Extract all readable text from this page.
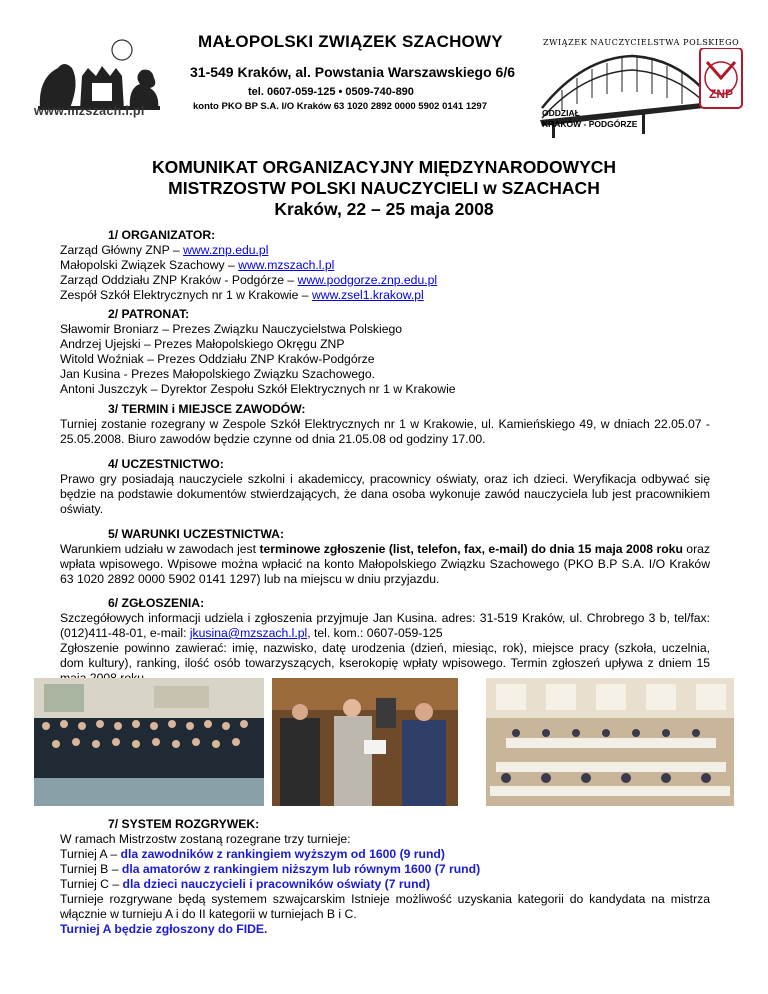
www.mzszach.l.pl
MAŁOPOLSKI ZWIĄZEK SZACHOWY
31-549 Kraków, al. Powstania Warszawskiego 6/6
tel. 0607-059-125 • 0509-740-890
konto PKO BP S.A. I/O Kraków 63 1020 2892 0000 5902 0141 1297
ZWIĄZEK NAUCZYCIELSTWA POLSKIEGO
ZNP
ODDZIAŁ
KRAKÓW - PODGÓRZE
KOMUNIKAT ORGANIZACYJNY MIĘDZYNARODOWYCH
MISTRZOSTW POLSKI NAUCZYCIELI w SZACHACH
Kraków, 22 – 25 maja 2008
1/ ORGANIZATOR:
Zarząd Główny ZNP – www.znp.edu.pl
Małopolski Związek Szachowy – www.mzszach.l.pl
Zarząd Oddziału ZNP Kraków - Podgórze – www.podgorze.znp.edu.pl
Zespół Szkół Elektrycznych nr 1 w Krakowie – www.zsel1.krakow.pl
2/ PATRONAT:
Sławomir Broniarz – Prezes Związku Nauczycielstwa Polskiego
Andrzej Ujejski – Prezes Małopolskiego Okręgu ZNP
Witold Woźniak – Prezes Oddziału ZNP Kraków-Podgórze
Jan Kusina - Prezes Małopolskiego Związku Szachowego.
Antoni Juszczyk – Dyrektor Zespołu Szkół Elektrycznych nr 1 w Krakowie
3/ TERMIN i MIEJSCE ZAWODÓW:
Turniej zostanie rozegrany w Zespole Szkół Elektrycznych nr 1 w Krakowie, ul. Kamieńskiego 49, w dniach 22.05.07 - 25.05.2008. Biuro zawodów będzie czynne od dnia 21.05.08 od godziny 17.00.
4/ UCZESTNICTWO:
Prawo gry posiadają nauczyciele szkolni i akademiccy, pracownicy oświaty, oraz ich dzieci. Weryfikacja odbywać się będzie na podstawie dokumentów stwierdzających, że dana osoba wykonuje zawód nauczyciela lub jest pracownikiem oświaty.
5/ WARUNKI UCZESTNICTWA:
Warunkiem udziału w zawodach jest terminowe zgłoszenie (list, telefon, fax, e-mail) do dnia 15 maja 2008 roku oraz wpłata wpisowego. Wpisowe można wpłacić na konto Małopolskiego Związku Szachowego (PKO B.P S.A. I/O Kraków 63 1020 2892 0000 5902 0141 1297) lub na miejscu w dniu przyjazdu.
6/ ZGŁOSZENIA:
Szczegółowych informacji udziela i zgłoszenia przyjmuje Jan Kusina. adres: 31-519 Kraków, ul. Chrobrego 3 b, tel/fax:(012)411-48-01, e-mail: jkusina@mzszach.l.pl, tel. kom.: 0607-059-125
Zgłoszenie powinno zawierać: imię, nazwisko, datę urodzenia (dzień, miesiąc, rok), miejsce pracy (szkoła, uczelnia, dom kultury), ranking, ilość osób towarzyszących, kserokopię wpłaty wpisowego. Termin zgłoszeń upływa z dniem 15
7/ SYSTEM ROZGRYWEK:
W ramach Mistrzostw zostaną rozegrane trzy turnieje:
Turniej A – dla zawodników z rankingiem wyższym od 1600 (9 rund)
Turniej B – dla amatorów z rankingiem niższym lub równym 1600 (7 rund)
Turniej C – dla dzieci nauczycieli i pracowników oświaty (7 rund)
Turnieje rozgrywane będą systemem szwajcarskim Istnieje możliwość uzyskania kategorii do kandydata na mistrza włącznie w turnieju A i do II kategorii w turniejach B i C.
Turniej A będzie zgłoszony do FIDE.
